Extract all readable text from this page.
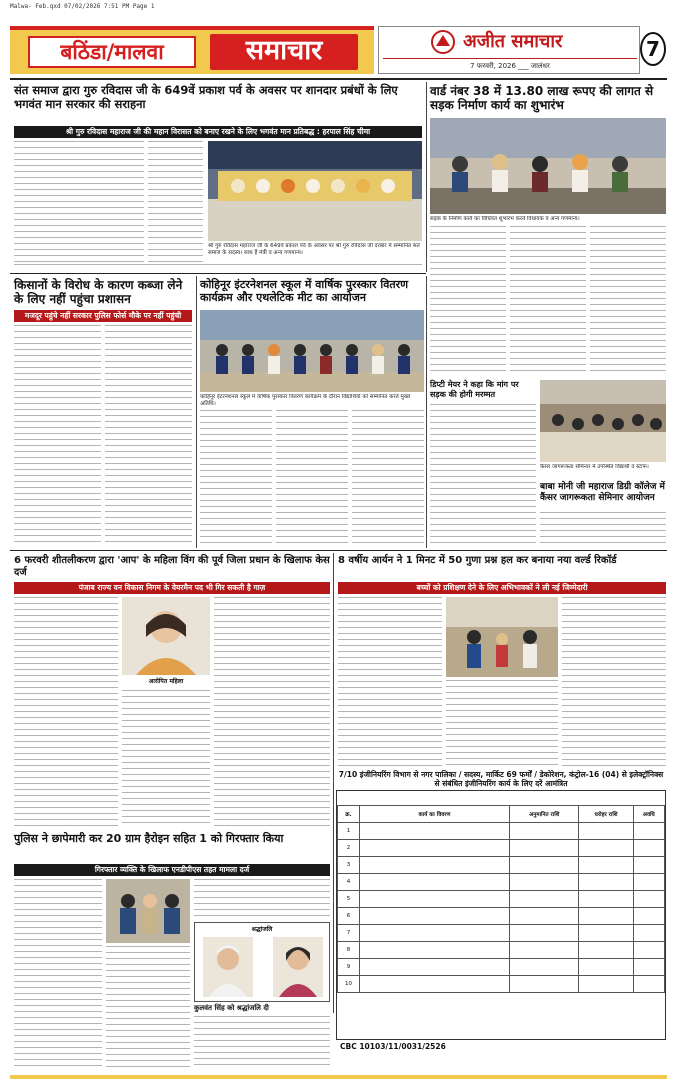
Malwa- Feb.qxd 07/02/2026 7:51 PM Page 1
बठिंडा/मालवा	समाचार	अजीत समाचार
7 फरवरी, 2026 ___ जालंधर
7
संत समाज द्वारा गुरु रविदास जी के 649वें प्रकाश पर्व के अवसर पर शानदार प्रबंधों के लिए भगवंत मान सरकार की सराहना
श्री गुरु रविदास महाराज जी की महान विरासत को बनाए रखने के लिए भगवंत मान प्रतिबद्ध : हरपाल सिंह चीमा
श्री गुरु रविदास महाराज जी के 649वें प्रकाश पर्व के अवसर पर श्री गुरु रविदास जी दरबार में सम्मानित संत समाज के सदस्य। साथ हैं मंत्री व अन्य गणमान्य।
वार्ड नंबर 38 में 13.80 लाख रूपए की लागत से सड़क निर्माण कार्य का शुभारंभ
सड़क के निर्माण कार्य का विधिवत शुभारंभ करते विधायक व अन्य गणमान्य।
किसानों के विरोध के कारण कब्जा लेने के लिए नहीं पहुंचा प्रशासन
मजदूर पहुंचे नहीं सरकार पुलिस फोर्स मौके पर नहीं पहुंची
कोहिनूर इंटरनेशनल स्कूल में वार्षिक पुरस्कार वितरण कार्यक्रम और एथलेटिक मीट का आयोजन
कोहिनूर इंटरनेशनल स्कूल में वार्षिक पुरस्कार वितरण कार्यक्रम के दौरान विद्यार्थियों को सम्मानित करते मुख्य अतिथि।
डिप्टी मेयर ने कहा कि मांग पर सड़क की होगी मरम्मत
कैंसर जागरूकता सेमिनार में उपस्थित विद्यार्थी व स्टाफ।
बाबा मोनी जी महाराज डिग्री कॉलेज में कैंसर जागरूकता सेमिनार आयोजन
6 फरवरी शीतलीकरण द्वारा 'आप' के महिला विंग की पूर्व जिला प्रधान के खिलाफ केस दर्ज
पंजाब राज्य वन विकास निगम के वेयरमैन पद भी गिर सकती है गाज़
आरोपित महिला
8 वर्षीय आर्यन ने 1 मिनट में 50 गुणा प्रश्न हल कर बनाया नया वर्ल्ड रिकॉर्ड
बच्चों को प्रशिक्षण देने के लिए अभिभावकों ने ली नई जिम्मेदारी
पुलिस ने छापेमारी कर 20 ग्राम हैरोइन सहित 1 को गिरफ्तार किया
गिरफ्तार व्यक्ति के खिलाफ एनडीपीएस तहत मामला दर्ज
श्रद्धांजलि
कुलवंत सिंह को श्रद्धांजलि दी
7/10 इंजीनियरिंग विभाग से नगर पालिका / सदस्य, मार्किट 69 फर्मों / डेकोरेशन, कंट्रोल-16 (04) से इलेक्ट्रॉनिक्स से संबंधित इंजीनियरिंग कार्य के लिए दरें आमंत्रित
क्र.	कार्य का विवरण	अनुमानित राशि	धरोहर राशि	अवधि
1				
2				
3				
4				
5				
6				
7				
8				
9				
10				
CBC 10103/11/0031/2526
